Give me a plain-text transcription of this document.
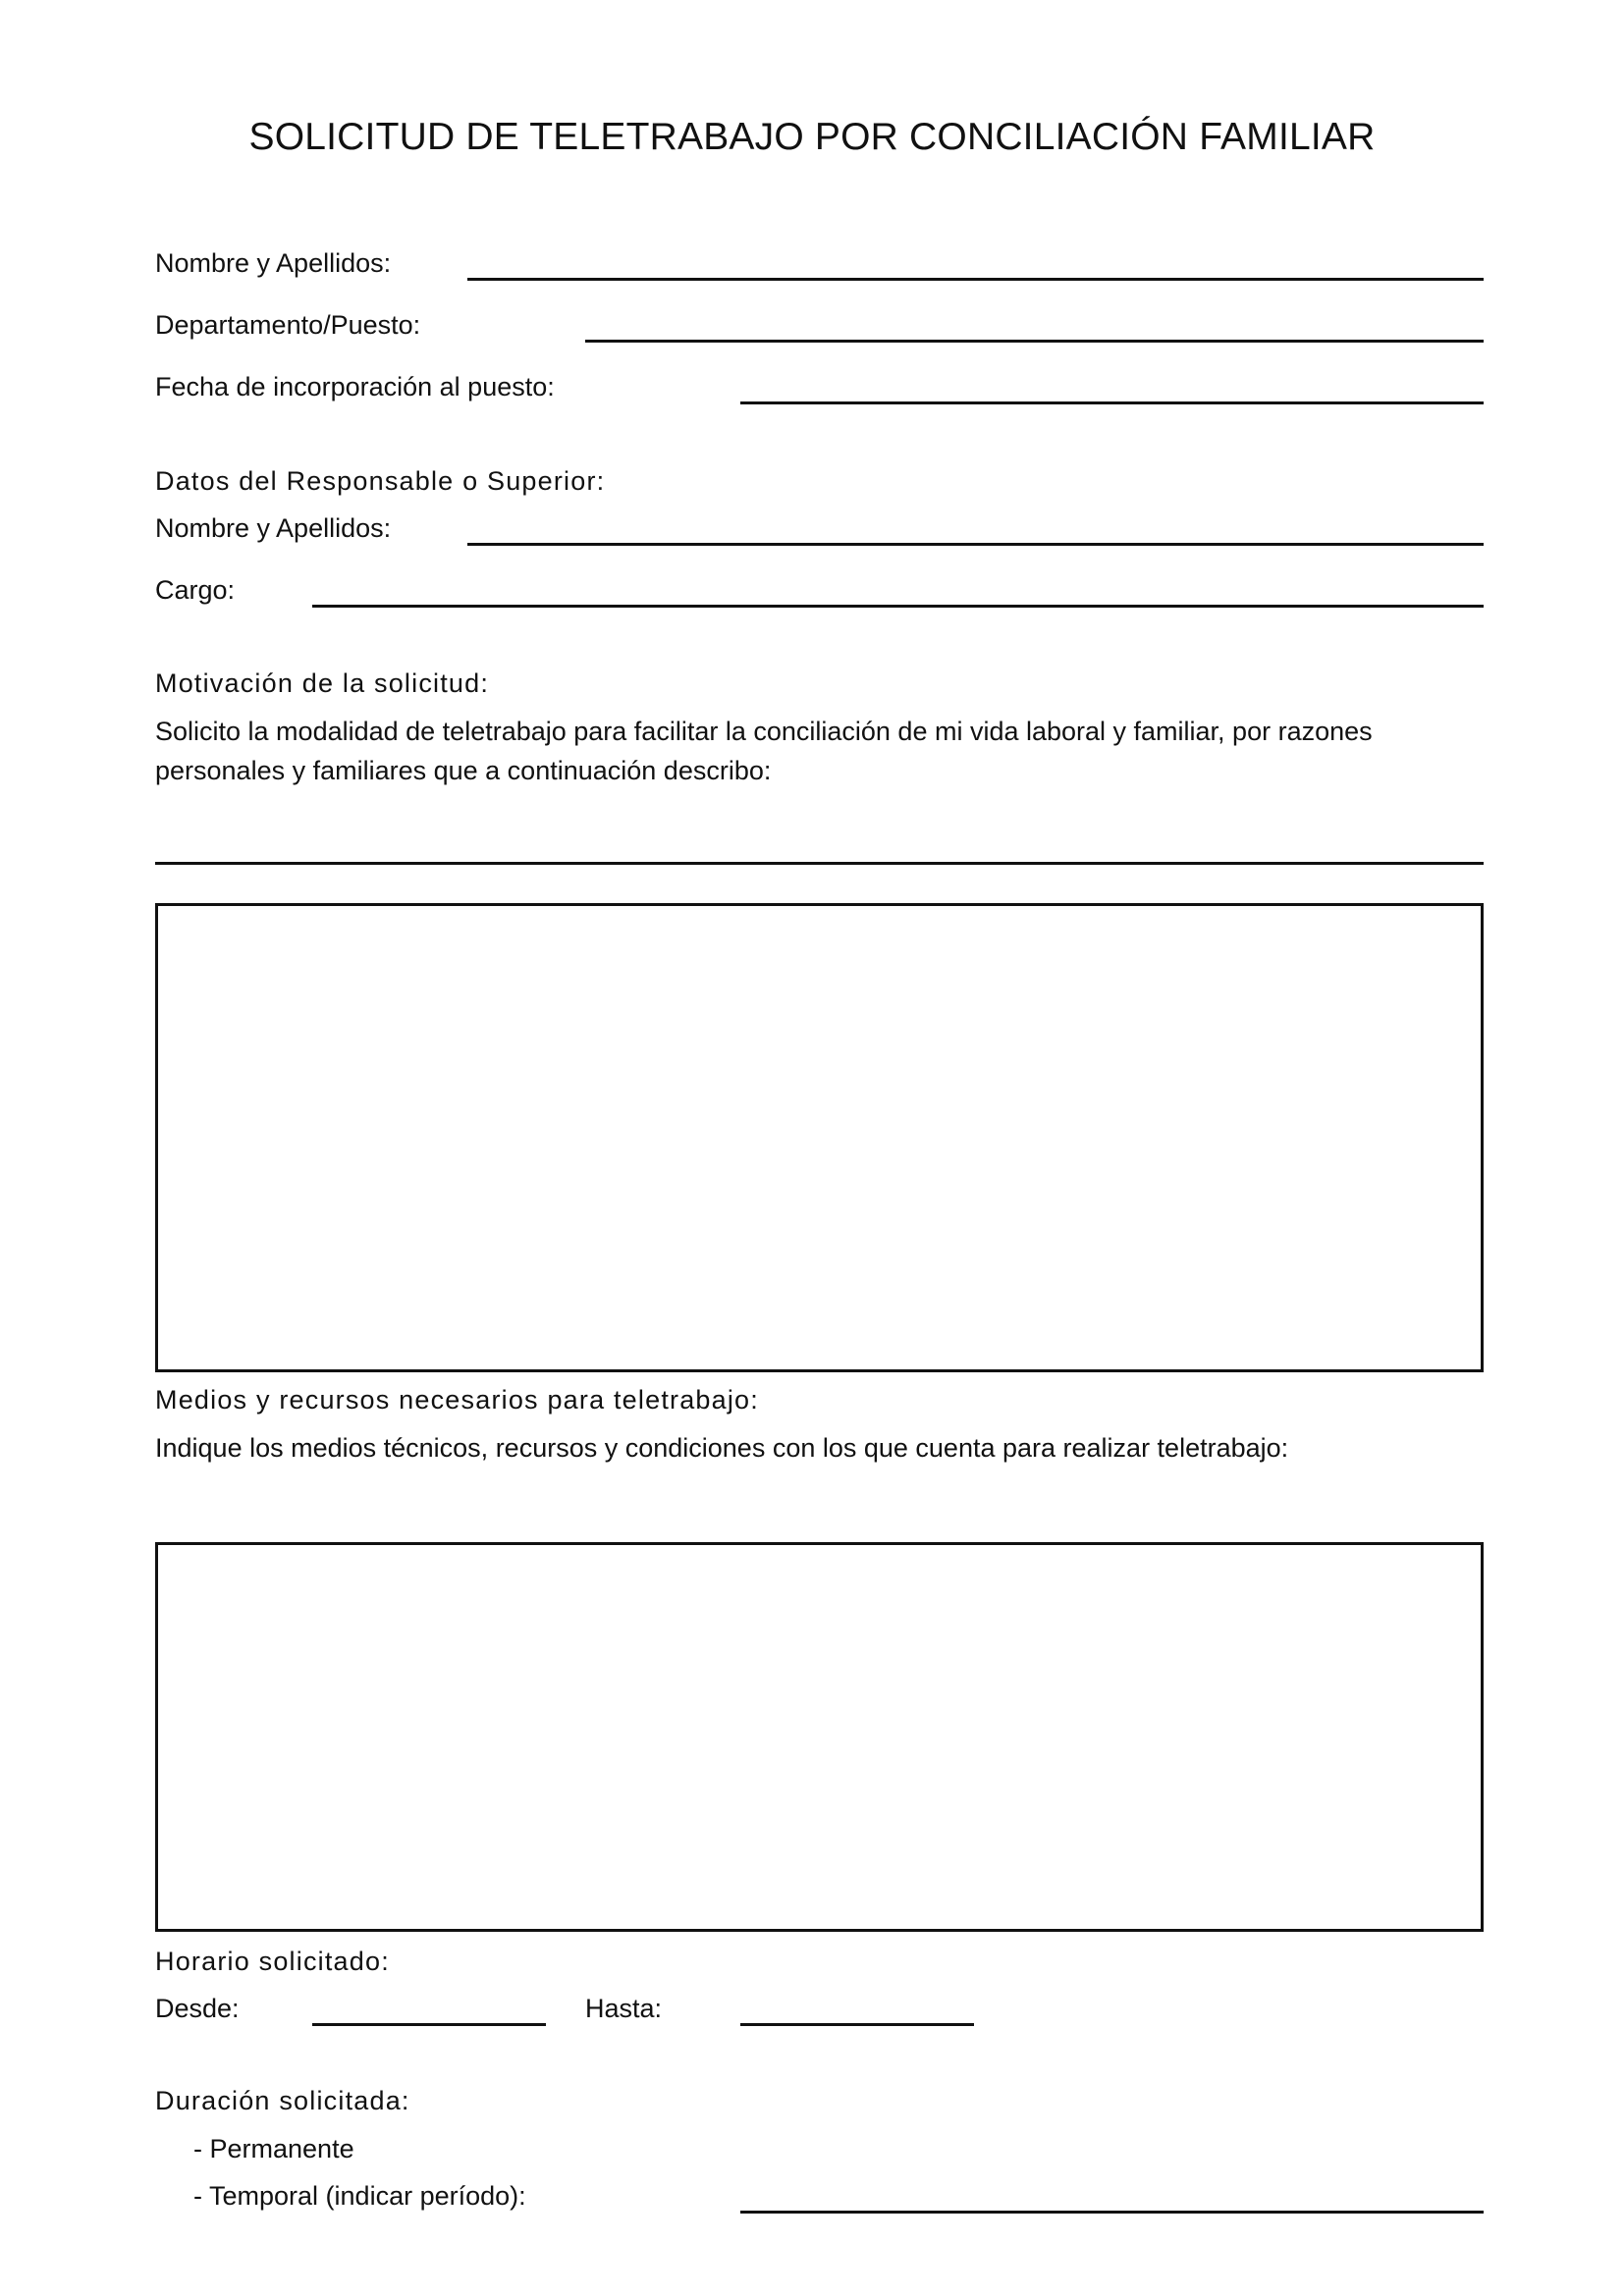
SOLICITUD DE TELETRABAJO POR CONCILIACIÓN FAMILIAR
Nombre y Apellidos:
Departamento/Puesto:
Fecha de incorporación al puesto:
Datos del Responsable o Superior:
Nombre y Apellidos:
Cargo:
Motivación de la solicitud:
Solicito la modalidad de teletrabajo para facilitar la conciliación de mi vida laboral y familiar, por razones personales y familiares que a continuación describo:
Medios y recursos necesarios para teletrabajo:
Indique los medios técnicos, recursos y condiciones con los que cuenta para realizar teletrabajo:
Horario solicitado:
Desde:	Hasta:
Duración solicitada:
- Permanente
- Temporal (indicar período):
